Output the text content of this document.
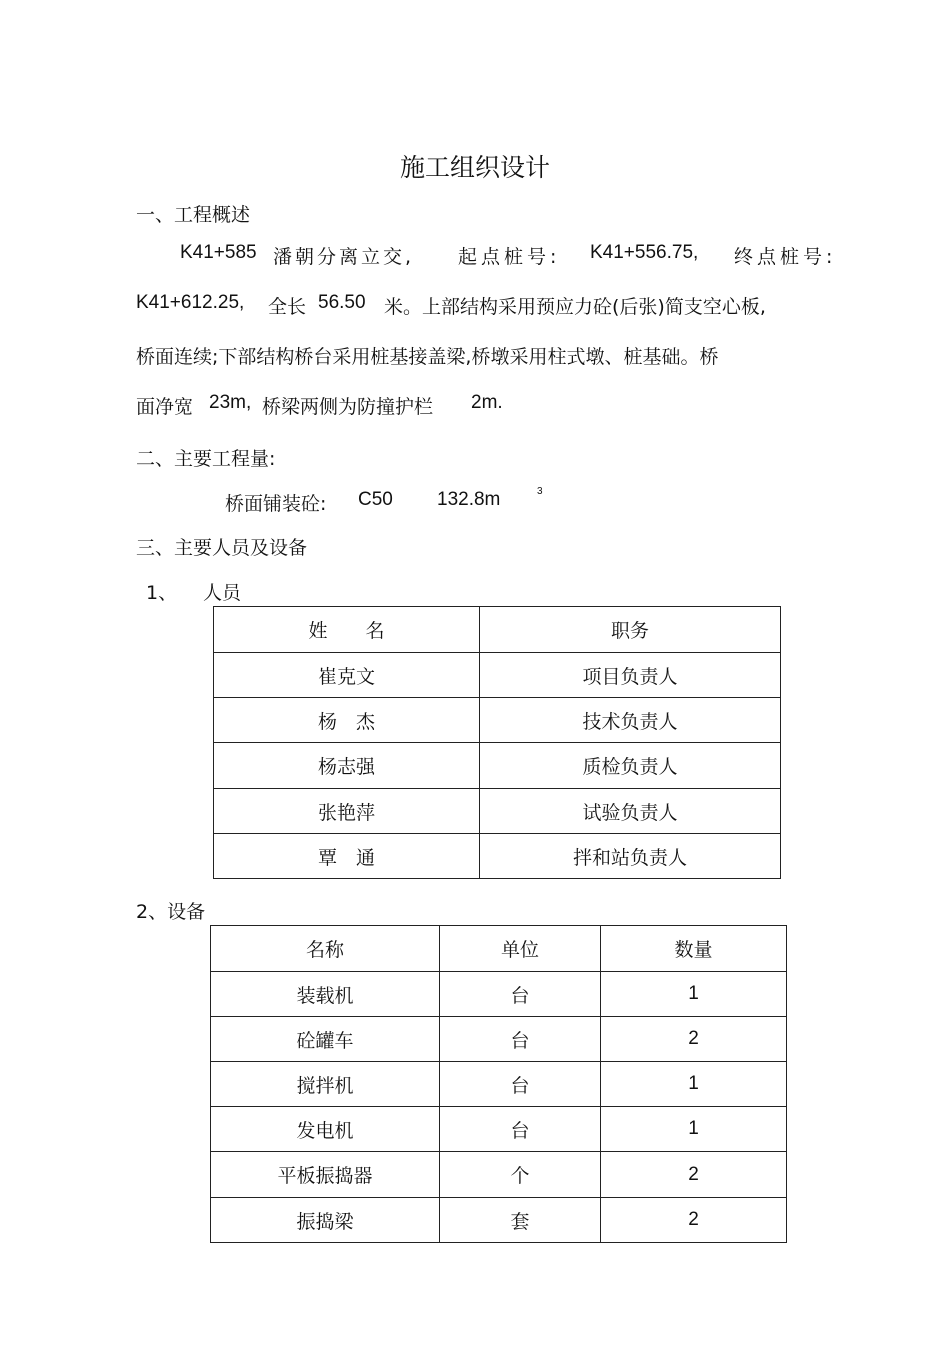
施工组织设计
一、工程概述
K41+585 潘朝分离立交, 起点桩号: K41+556.75, 终点桩号:
K41+612.25, 全长 56.50 米。上部结构采用预应力砼(后张)简支空心板,
桥面连续;下部结构桥台采用桩基接盖梁,桥墩采用柱式墩、桩基础。桥
面净宽 23m, 桥梁两侧为防撞护栏 2m.
二、主要工程量:
桥面铺装砼: C50 132.8m	3
三、主要人员及设备
1、 人员
姓　　名	职务
崔克文	项目负责人
杨　杰	技术负责人
杨志强	质检负责人
张艳萍	试验负责人
覃　通	拌和站负责人
2、设备
名称	单位	数量
装载机	台	1
砼罐车	台	2
搅拌机	台	1
发电机	台	1
平板振捣器	个	2
振捣梁	套	2
